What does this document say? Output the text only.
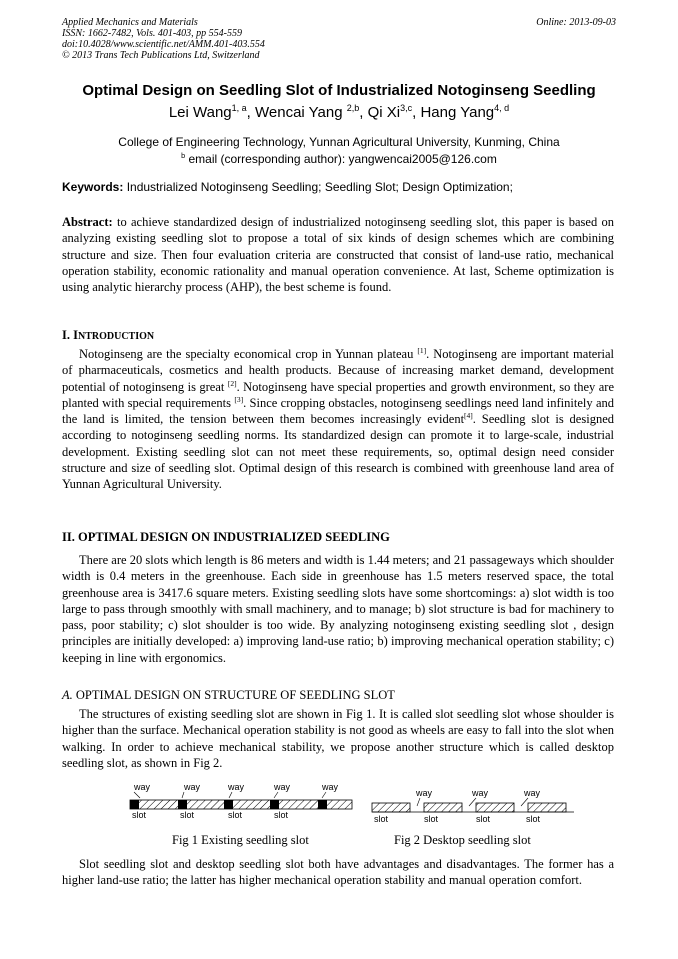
Applied Mechanics and Materials
ISSN: 1662-7482, Vols. 401-403, pp 554-559
doi:10.4028/www.scientific.net/AMM.401-403.554
© 2013 Trans Tech Publications Ltd, Switzerland
Online: 2013-09-03
Optimal Design on Seedling Slot of Industrialized Notoginseng Seedling
Lei Wang$^{1, a}$, Wencai Yang $^{2,b}$, Qi Xi$^{3,c}$, Hang Yang$^{4, d}$
College of Engineering Technology, Yunnan Agricultural University, Kunming, China
$^b$ email (corresponding author): yangwencai2005@126.com
Keywords: Industrialized Notoginseng Seedling; Seedling Slot; Design Optimization;
Abstract: to achieve standardized design of industrialized notoginseng seedling slot, this paper is based on analyzing existing seedling slot to propose a total of six kinds of design schemes which are combining structure and size. Then four evaluation criteria are constructed that consist of land-use ratio, mechanical operation stability, economic rationality and manual operation convenience. At last, Scheme optimization is using analytic hierarchy process (AHP), the best scheme is found.
I. INTRODUCTION
Notoginseng are the specialty economical crop in Yunnan plateau [1]. Notoginseng are important material of pharmaceuticals, cosmetics and health products. Because of increasing market demand, development potential of notoginseng is great [2]. Notoginseng have special properties and growth environment, so they are planted with special requirements [3]. Since cropping obstacles, notoginseng seedlings need land infinitely and the land is limited, the tension between them becomes increasingly evident[4]. Seedling slot is designed according to notoginseng seedling norms. Its standardized design can promote it to large-scale, industrial development. Existing seedling slot can not meet these requirements, so, optimal design need consider structure and size of seedling slot. Optimal design of this research is combined with greenhouse land area of Yunnan Agricultural University.
II. OPTIMAL DESIGN ON INDUSTRIALIZED SEEDLING
There are 20 slots which length is 86 meters and width is 1.44 meters; and 21 passageways which shoulder width is 0.4 meters in the greenhouse. Each side in greenhouse has 1.5 meters reserved space, the total greenhouse area is 3417.6 square meters. Existing seedling slots have some shortcomings: a) slot width is too large to pass through smoothly with small machinery, and to manage; b) slot structure is bad for machinery to pass, poor stability; c) slot shoulder is too wide. By analyzing notoginseng existing seedling slot , design principles are initially developed: a) improving land-use ratio; b) improving mechanical operation stability; c) keeping in line with ergonomics.
A. OPTIMAL DESIGN ON STRUCTURE OF SEEDLING SLOT
The structures of existing seedling slot are shown in Fig 1. It is called slot seedling slot whose shoulder is higher than the surface. Mechanical operation stability is not good as wheels are easy to fall into the slot when walking. In order to achieve mechanical stability, we propose another structure which is called desktop seedling slot, as shown in Fig 2.
way	way	way	way	way
slot	slot	slot	slot
way	way	way
slot	slot	slot	slot
Fig 1 Existing seedling slot	Fig 2 Desktop seedling slot
Slot seedling slot and desktop seedling slot both have advantages and disadvantages. The former has a higher land-use ratio; the latter has higher mechanical operation stability and manual operation comfort.
